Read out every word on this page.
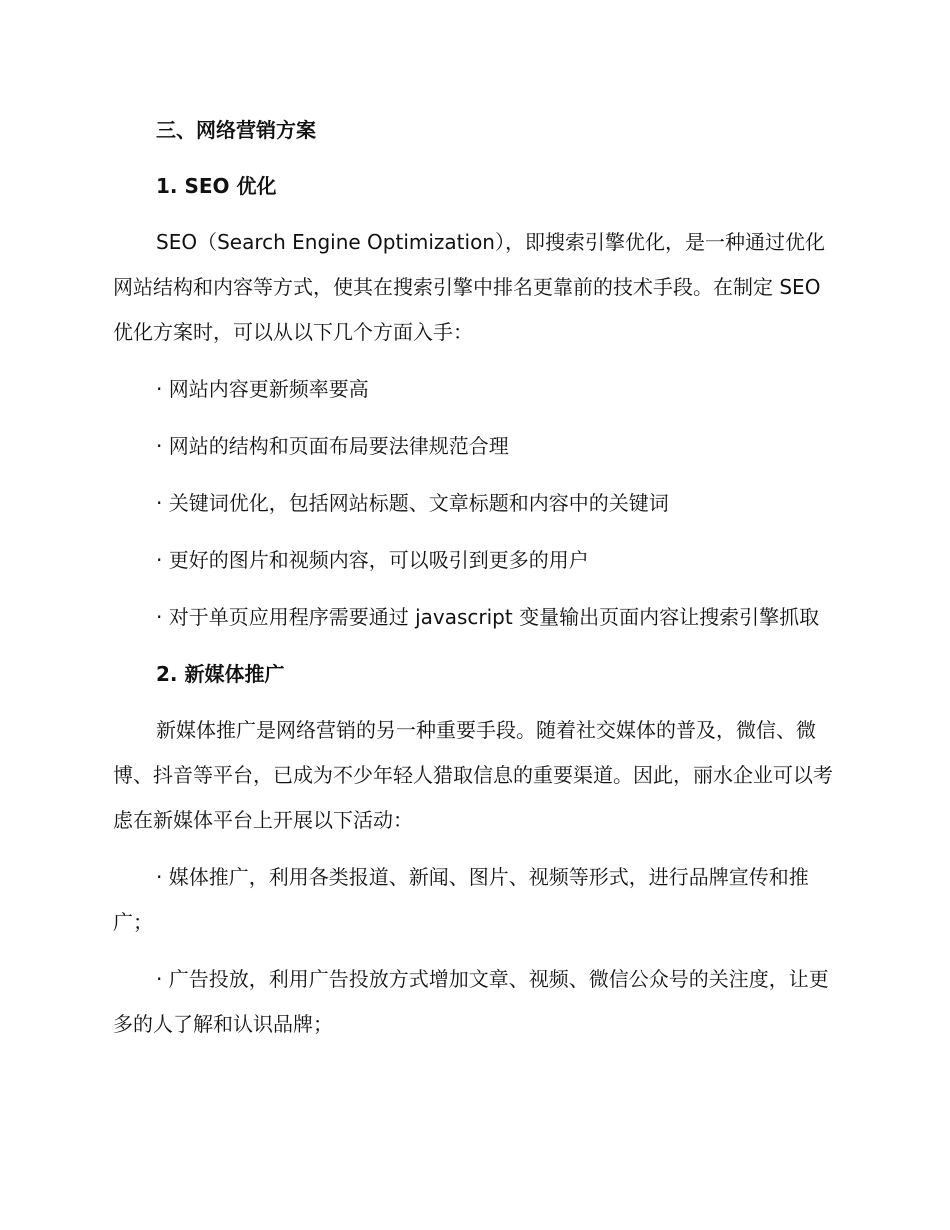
三、网络营销方案
1. SEO 优化
SEO（Search Engine Optimization），即搜索引擎优化，是一种通过优化网站结构和内容等方式，使其在搜索引擎中排名更靠前的技术手段。在制定 SEO 优化方案时，可以从以下几个方面入手：
· 网站内容更新频率要高
· 网站的结构和页面布局要法律规范合理
· 关键词优化，包括网站标题、文章标题和内容中的关键词
· 更好的图片和视频内容，可以吸引到更多的用户
· 对于单页应用程序需要通过 javascript 变量输出页面内容让搜索引擎抓取
2. 新媒体推广
新媒体推广是网络营销的另一种重要手段。随着社交媒体的普及，微信、微博、抖音等平台，已成为不少年轻人猎取信息的重要渠道。因此，丽水企业可以考虑在新媒体平台上开展以下活动：
· 媒体推广，利用各类报道、新闻、图片、视频等形式，进行品牌宣传和推广；
· 广告投放，利用广告投放方式增加文章、视频、微信公众号的关注度，让更多的人了解和认识品牌；
